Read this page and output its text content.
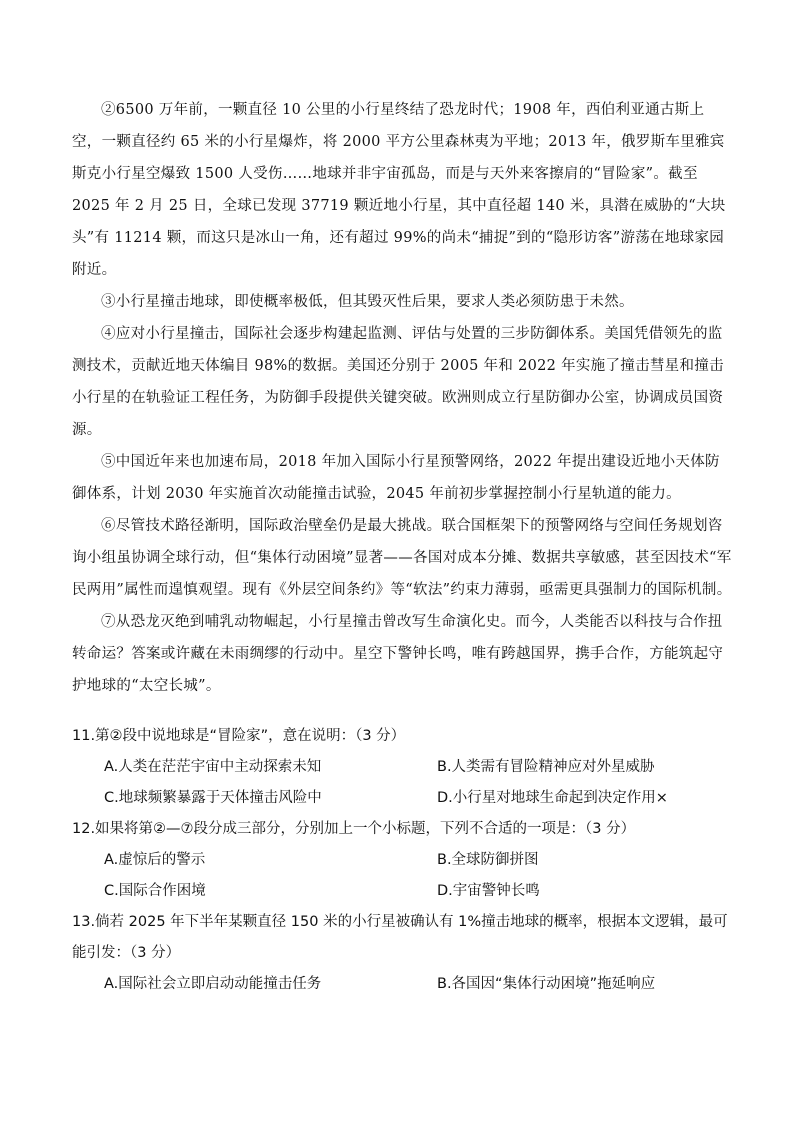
②6500 万年前，一颗直径 10 公里的小行星终结了恐龙时代；1908 年，西伯利亚通古斯上空，一颗直径约 65 米的小行星爆炸，将 2000 平方公里森林夷为平地；2013 年，俄罗斯车里雅宾斯克小行星空爆致 1500 人受伤……地球并非宇宙孤岛，而是与天外来客擦肩的“冒险家”。截至 2025 年 2 月 25 日，全球已发现 37719 颗近地小行星，其中直径超 140 米，具潜在威胁的“大块头”有 11214 颗，而这只是冰山一角，还有超过 99%的尚未“捕捉”到的“隐形访客”游荡在地球家园附近。

③小行星撞击地球，即使概率极低，但其毁灭性后果，要求人类必须防患于未然。

④应对小行星撞击，国际社会逐步构建起监测、评估与处置的三步防御体系。美国凭借领先的监测技术，贡献近地天体编目 98%的数据。美国还分别于 2005 年和 2022 年实施了撞击彗星和撞击小行星的在轨验证工程任务，为防御手段提供关键突破。欧洲则成立行星防御办公室，协调成员国资源。

⑤中国近年来也加速布局，2018 年加入国际小行星预警网络，2022 年提出建设近地小天体防御体系，计划 2030 年实施首次动能撞击试验，2045 年前初步掌握控制小行星轨道的能力。

⑥尽管技术路径渐明，国际政治壁垒仍是最大挑战。联合国框架下的预警网络与空间任务规划咨询小组虽协调全球行动，但“集体行动困境”显著——各国对成本分摊、数据共享敏感，甚至因技术“军民两用”属性而遑慎观望。现有《外层空间条约》等“软法”约束力薄弱，亟需更具强制力的国际机制。

⑦从恐龙灭绝到哺乳动物崛起，小行星撞击曾改写生命演化史。而今，人类能否以科技与合作扭转命运？答案或许藏在未雨绸缪的行动中。星空下警钟长鸣，唯有跨越国界，携手合作，方能筑起守护地球的“太空长城”。

11.第②段中说地球是“冒险家”，意在说明：（3 分）

A.人类在茫茫宇宙中主动探索未知	B.人类需有冒险精神应对外星威胁
C.地球频繁暴露于天体撞击风险中	D.小行星对地球生命起到决定作用×

12.如果将第②—⑦段分成三部分，分别加上一个小标题，下列不合适的一项是：（3 分）

A.虚惊后的警示	B.全球防御拼图
C.国际合作困境	D.宇宙警钟长鸣

13.倘若 2025 年下半年某颗直径 150 米的小行星被确认有 1%撞击地球的概率，根据本文逻辑，最可能引发：（3 分）

A.国际社会立即启动动能撞击任务	B.各国因“集体行动困境”拖延响应
